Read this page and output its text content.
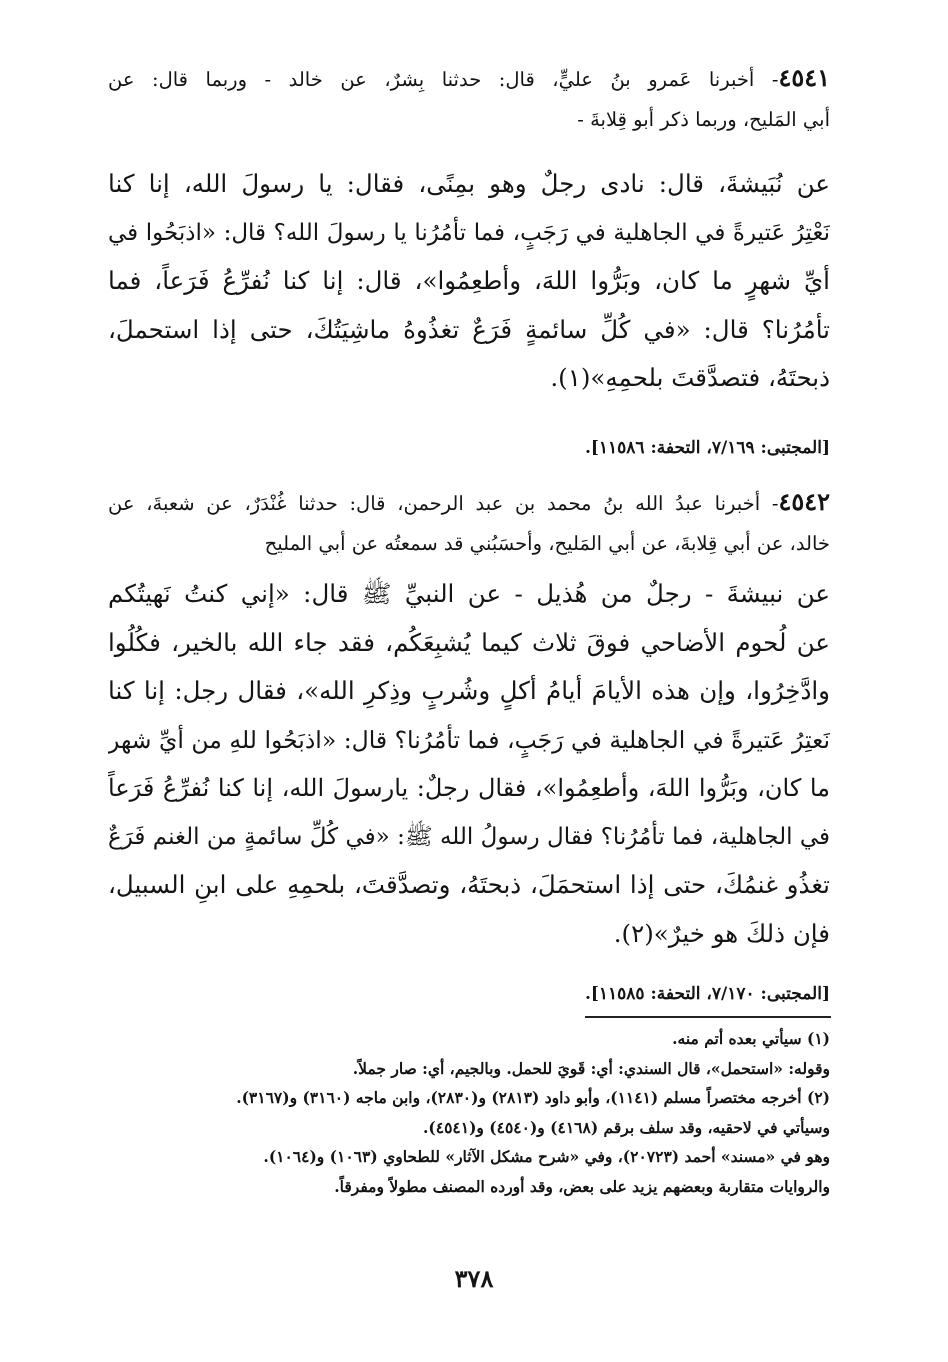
٤٥٤١- أخبرنا عَمرو بنُ عليٍّ، قال: حدثنا بِشرٌ، عن خالد - وربما قال: عن

أبي المَليح، وربما ذكر أبو قِلابةَ -

عن نُبَيشةَ، قال: نادى رجلٌ وهو بمِنًى، فقال: يا رسولَ الله، إنا كنا

نَعْتِرُ عَتيرةً في الجاهلية في رَجَبٍ، فما تأمُرُنا يا رسولَ الله؟ قال: «اذبَحُوا في

أيِّ شهرٍ ما كان، وبَرُّوا اللهَ، وأطعِمُوا»، قال: إنا كنا نُفرِّعُ فَرَعاً، فما

تأمُرُنا؟ قال: «في كُلِّ سائمةٍ فَرَعٌ تغذُوهُ ماشِيَتُكَ، حتى إذا استحملَ،

ذبحتَهُ، فتصدَّقتَ بلحمِهِ»(١).

[المجتبى: ٧/١٦٩، التحفة: ١١٥٨٦].

٤٥٤٢- أخبرنا عبدُ الله بنُ محمد بن عبد الرحمن، قال: حدثنا غُنْدَرٌ، عن شعبةَ، عن

خالد، عن أبي قِلابةَ، عن أبي المَليح، وأحسَبُني قد سمعتُه عن أبي المليح

عن نبيشةَ - رجلٌ من هُذيل - عن النبيِّ ﷺ قال: «إني كنتُ نَهيتُكم

عن لُحوم الأضاحي فوقَ ثلاث كيما يُشبِعَكُم، فقد جاء الله بالخير، فكُلُوا

وادَّخِرُوا، وإن هذه الأيامَ أيامُ أكلٍ وشُربٍ وذِكرِ الله»، فقال رجل: إنا كنا

نَعتِرُ عَتيرةً في الجاهلية في رَجَبٍ، فما تأمُرُنا؟ قال: «اذبَحُوا للهِ من أيِّ شهر

ما كان، وبَرُّوا اللهَ، وأطعِمُوا»، فقال رجلٌ: يارسولَ الله، إنا كنا نُفرِّعُ فَرَعاً

في الجاهلية، فما تأمُرُنا؟ فقال رسولُ الله ﷺ: «في كُلِّ سائمةٍ من الغنم فَرَعٌ

تغذُو غنمُكَ، حتى إذا استحمَلَ، ذبحتَهُ، وتصدَّقتَ، بلحمِهِ على ابنِ السبيل،

فإن ذلكَ هو خيرٌ»(٢).

[المجتبى: ٧/١٧٠، التحفة: ١١٥٨٥].

(١) سيأتي بعده أتم منه.

وقوله: «استحمل»، قال السندي: أي: قَويَ للحمل. وبالجيم، أي: صار جملاً.

(٢) أخرجه مختصراً مسلم (١١٤١)، وأبو داود (٢٨١٣) و(٢٨٣٠)، وابن ماجه (٣١٦٠) و(٣١٦٧).

وسيأتي في لاحقيه، وقد سلف برقم (٤١٦٨) و(٤٥٤٠) و(٤٥٤١).

وهو في «مسند» أحمد (٢٠٧٢٣)، وفي «شرح مشكل الآثار» للطحاوي (١٠٦٣) و(١٠٦٤).

والروايات متقاربة وبعضهم يزيد على بعض، وقد أورده المصنف مطولاً ومفرقاً.

٣٧٨
